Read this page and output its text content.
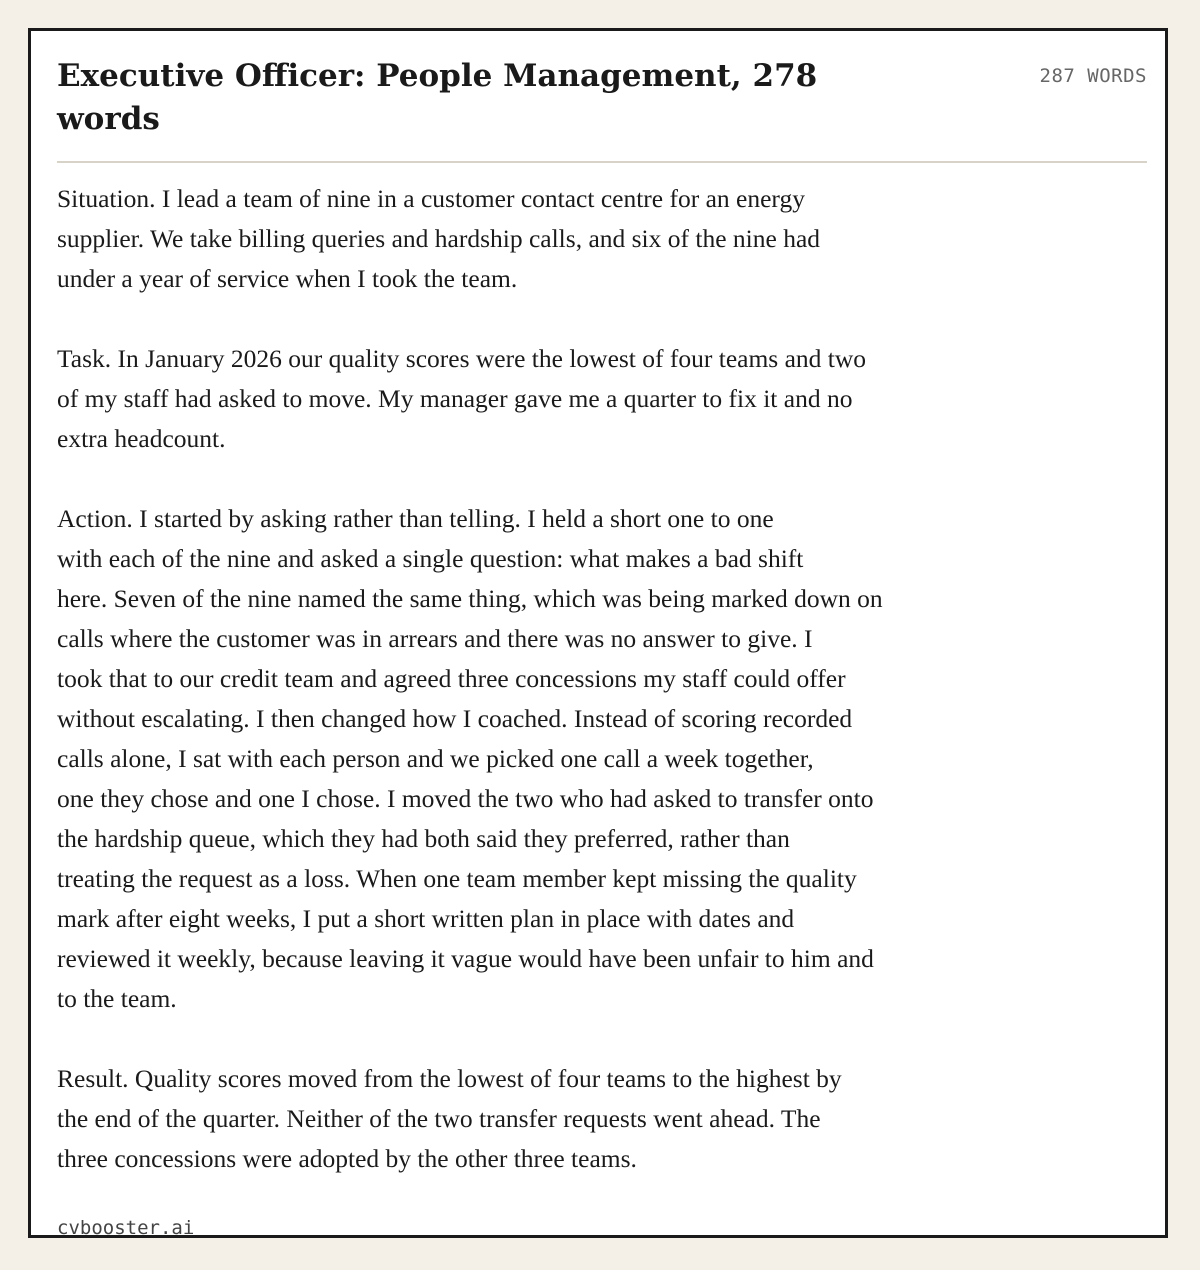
Executive Officer: People Management, 278 words
287 WORDS

Situation. I lead a team of nine in a customer contact centre for an energy
supplier. We take billing queries and hardship calls, and six of the nine had
under a year of service when I took the team.

Task. In January 2026 our quality scores were the lowest of four teams and two
of my staff had asked to move. My manager gave me a quarter to fix it and no
extra headcount.

Action. I started by asking rather than telling. I held a short one to one
with each of the nine and asked a single question: what makes a bad shift
here. Seven of the nine named the same thing, which was being marked down on
calls where the customer was in arrears and there was no answer to give. I
took that to our credit team and agreed three concessions my staff could offer
without escalating. I then changed how I coached. Instead of scoring recorded
calls alone, I sat with each person and we picked one call a week together,
one they chose and one I chose. I moved the two who had asked to transfer onto
the hardship queue, which they had both said they preferred, rather than
treating the request as a loss. When one team member kept missing the quality
mark after eight weeks, I put a short written plan in place with dates and
reviewed it weekly, because leaving it vague would have been unfair to him and
to the team.

Result. Quality scores moved from the lowest of four teams to the highest by
the end of the quarter. Neither of the two transfer requests went ahead. The
three concessions were adopted by the other three teams.

cvbooster.ai
